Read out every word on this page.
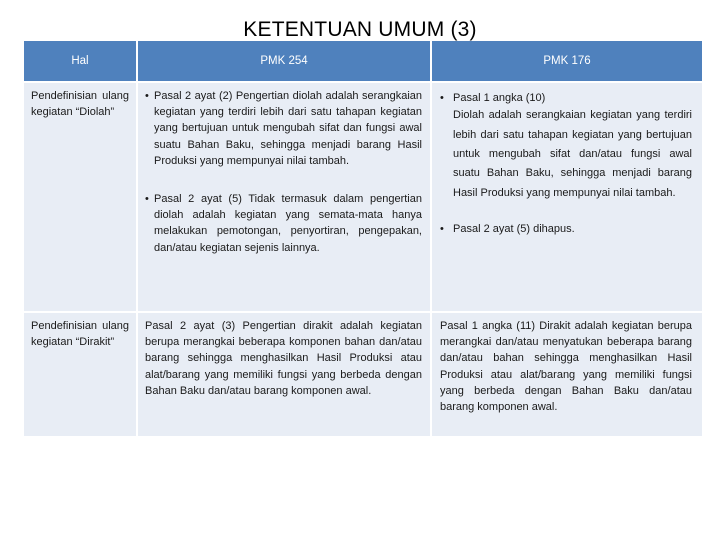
KETENTUAN UMUM (3)
Hal	PMK 254	PMK 176
Pendefinisian ulang kegiatan “Diolah”

• Pasal 2 ayat (2) Pengertian diolah adalah serangkaian kegiatan yang terdiri lebih dari satu tahapan kegiatan yang bertujuan untuk mengubah sifat dan fungsi awal suatu Bahan Baku, sehingga menjadi barang Hasil Produksi yang mempunyai nilai tambah.

• Pasal 2 ayat (5) Tidak termasuk dalam pengertian diolah adalah kegiatan yang semata-mata hanya melakukan pemotongan, penyortiran, pengepakan, dan/atau kegiatan sejenis lainnya.

• Pasal 1 angka (10)

Diolah adalah serangkaian kegiatan yang terdiri lebih dari satu tahapan kegiatan yang bertujuan untuk mengubah sifat dan/atau fungsi awal suatu Bahan Baku, sehingga menjadi barang Hasil Produksi yang mempunyai nilai tambah.

• Pasal 2 ayat (5) dihapus.

Pendefinisian ulang kegiatan “Dirakit”
Pasal 2 ayat (3) Pengertian dirakit adalah kegiatan berupa merangkai beberapa komponen bahan dan/atau barang sehingga menghasilkan Hasil Produksi atau alat/barang yang memiliki fungsi yang berbeda dengan Bahan Baku dan/atau barang komponen awal.
Pasal 1 angka (11) Dirakit adalah kegiatan berupa merangkai dan/atau menyatukan beberapa barang dan/atau bahan sehingga menghasilkan Hasil Produksi atau alat/barang yang memiliki fungsi yang berbeda dengan Bahan Baku dan/atau barang komponen awal.
